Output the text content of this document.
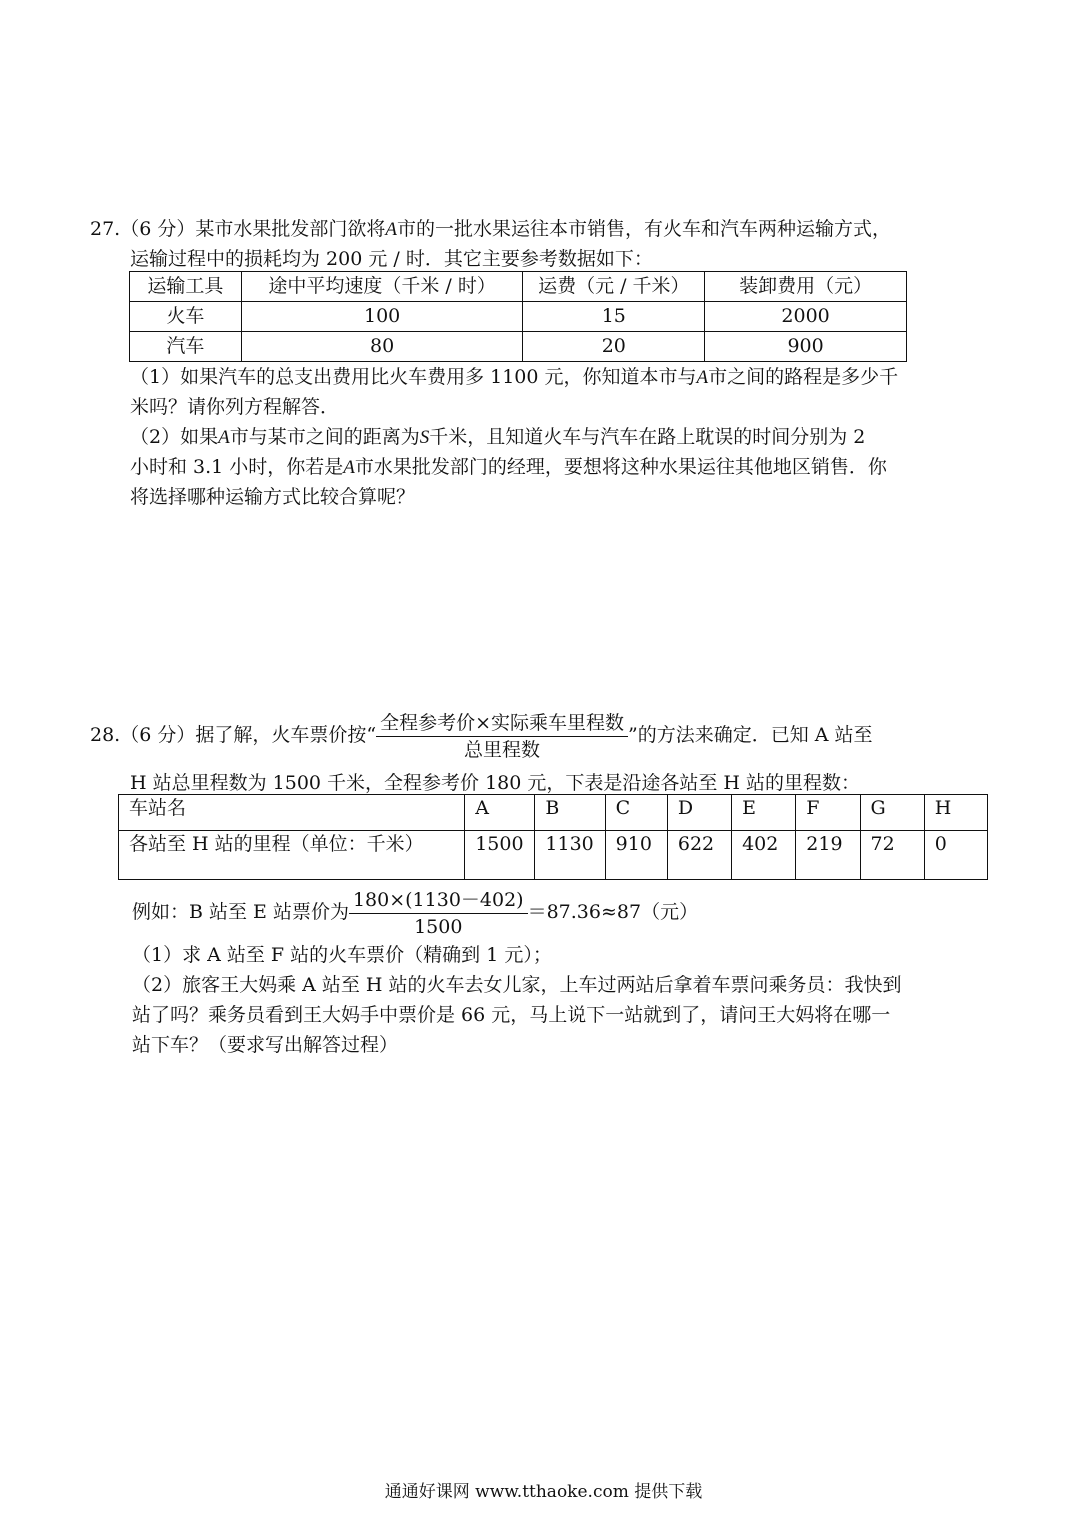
27.（6 分）某市水果批发部门欲将A市的一批水果运往本市销售，有火车和汽车两种运输方式，
运输过程中的损耗均为 200 元 / 时．其它主要参考数据如下：
运输工具	途中平均速度（千米 / 时）	运费（元 / 千米）	装卸费用（元）
火车	100	15	2000
汽车	80	20	900
（1）如果汽车的总支出费用比火车费用多 1100 元，你知道本市与A市之间的路程是多少千
米吗？请你列方程解答．
（2）如果A市与某市之间的距离为S千米，且知道火车与汽车在路上耽误的时间分别为 2
小时和 3.1 小时，你若是A市水果批发部门的经理，要想将这种水果运往其他地区销售．你
将选择哪种运输方式比较合算呢？
28.（6 分）据了解，火车票价按“ $\frac{\text{全程参考价×实际乘车里程数}}{\text{总里程数}}$ ”的方法来确定．已知 A 站至
H 站总里程数为 1500 千米，全程参考价 180 元，下表是沿途各站至 H 站的里程数：
车站名	A	B	C	D	E	F	G	H
各站至 H 站的里程（单位：千米）	1500	1130	910	622	402	219	72	0
例如：B 站至 E 站票价为 $\frac{180\times(1130-402)}{1500} =87.36\approx 87$（元）
（1）求 A 站至 F 站的火车票价（精确到 1 元）；
（2）旅客王大妈乘 A 站至 H 站的火车去女儿家，上车过两站后拿着车票问乘务员：我快到
站了吗？乘务员看到王大妈手中票价是 66 元，马上说下一站就到了，请问王大妈将在哪一
站下车？（要求写出解答过程）
通通好课网 www.tthaoke.com 提供下载
